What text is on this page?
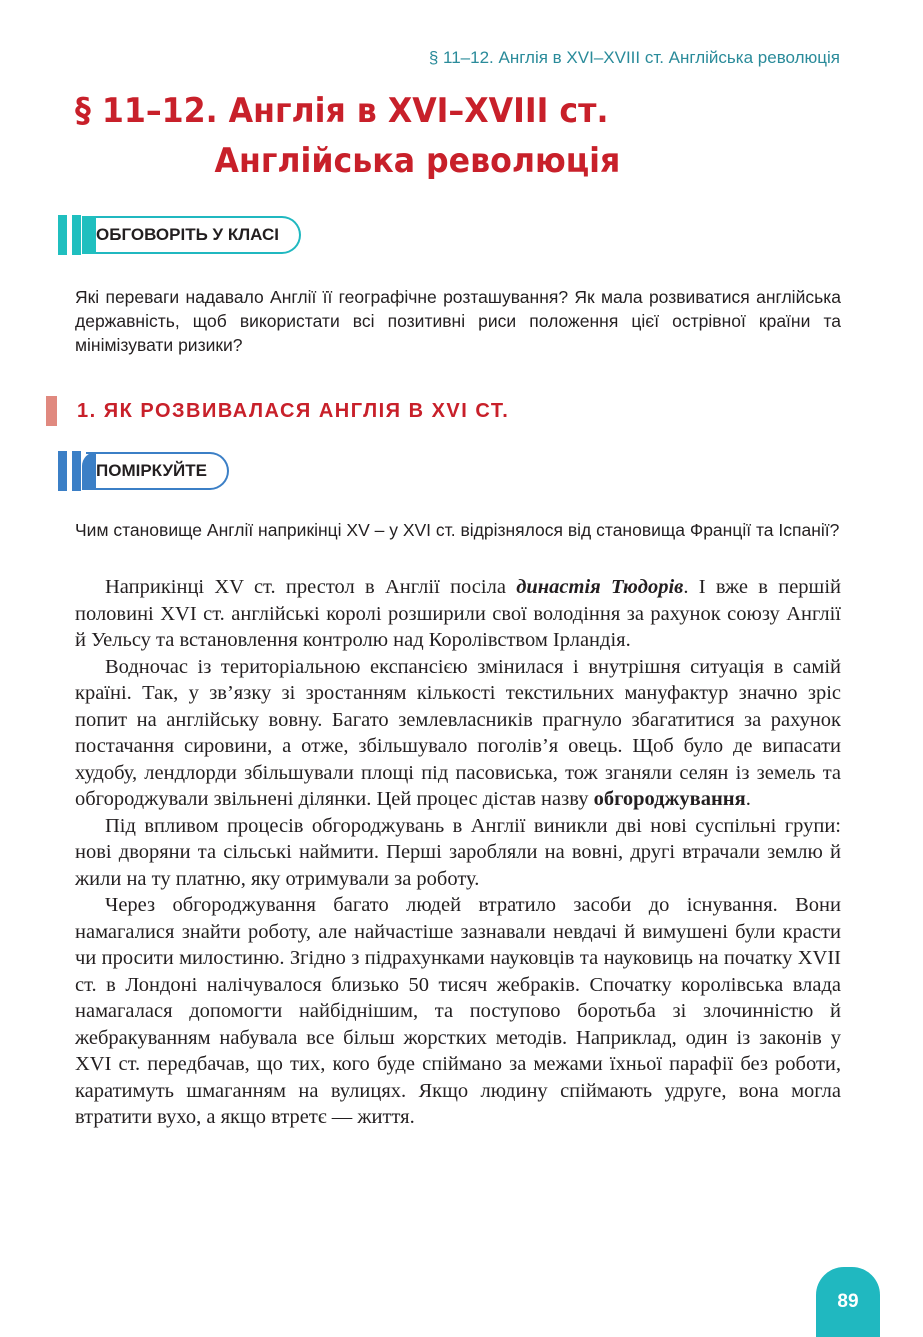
§ 11–12. Англія в XVI–XVIII ст. Англійська революція

§ 11–12. Англія в XVI–XVIII ст.
Англійська революція
ОБГОВОРІТЬ У КЛАСІ

Які переваги надавало Англії її географічне розташування? Як мала розвиватися англійська державність, щоб використати всі позитивні риси положення цієї острівної країни та мінімізувати ризики?

1. ЯК РОЗВИВАЛАСЯ АНГЛІЯ В XVI СТ.
ПОМІРКУЙТЕ

Чим становище Англії наприкінці XV – у XVI ст. відрізнялося від становища Франції та Іспанії?

Наприкінці XV ст. престол в Англії посіла династія Тюдорів. І вже в першій половині XVI ст. англійські королі розширили свої володіння за рахунок союзу Англії й Уельсу та встановлення контролю над Королівством Ірландія.

Водночас із територіальною експансією змінилася і внутрішня ситуація в самій країні. Так, у зв’язку зі зростанням кількості текстильних мануфактур значно зріс попит на англійську вовну. Багато землевласників прагнуло збагатитися за рахунок постачання сировини, а отже, збільшувало поголів’я овець. Щоб було де випасати худобу, лендлорди збільшували площі під пасовиська, тож зганяли селян із земель та обгороджували звільнені ділянки. Цей процес дістав назву обгороджування.

Під впливом процесів обгороджувань в Англії виникли дві нові суспільні групи: нові дворяни та сільські наймити. Перші заробляли на вовні, другі втрачали землю й жили на ту платню, яку отримували за роботу.

Через обгороджування багато людей втратило засоби до існування. Вони намагалися знайти роботу, але найчастіше зазнавали невдачі й вимушені були красти чи просити милостиню. Згідно з підрахунками науковців та науковиць на початку XVII ст. в Лондоні налічувалося близько 50 тисяч жебраків. Спочатку королівська влада намагалася допомогти найбіднішим, та поступово боротьба зі злочинністю й жебракуванням набувала все більш жорстких методів. Наприклад, один із законів у XVI ст. передбачав, що тих, кого буде спіймано за межами їхньої парафії без роботи, каратимуть шмаганням на вулицях. Якщо людину спіймають удруге, вона могла втратити вухо, а якщо втретє — життя.

89
